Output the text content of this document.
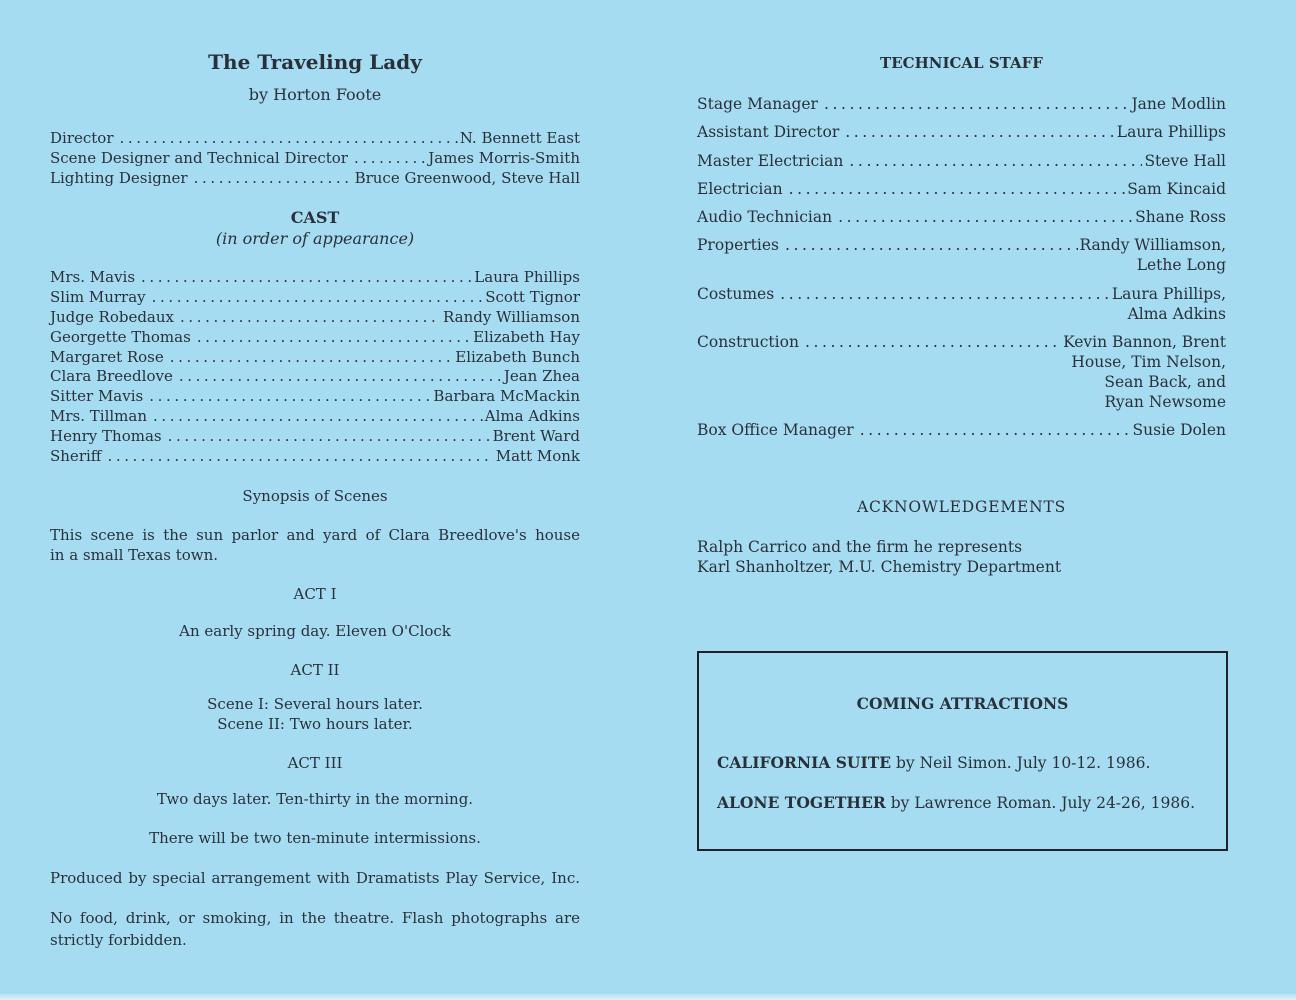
The Traveling Lady
by Horton Foote
Director .....	N. Bennett East
Scene Designer and Technical Director .....	James Morris-Smith
Lighting Designer .....	Bruce Greenwood, Steve Hall
CAST
(in order of appearance)
Mrs. Mavis .....	Laura Phillips
Slim Murray .....	Scott Tignor
Judge Robedaux .....	Randy Williamson
Georgette Thomas .....	Elizabeth Hay
Margaret Rose .....	Elizabeth Bunch
Clara Breedlove .....	Jean Zhea
Sitter Mavis .....	Barbara McMackin
Mrs. Tillman .....	Alma Adkins
Henry Thomas .....	Brent Ward
Sheriff .....	Matt Monk
Synopsis of Scenes
This scene is the sun parlor and yard of Clara Breedlove's house
in a small Texas town.
ACT I
An early spring day. Eleven O'Clock
ACT II
Scene I: Several hours later.
Scene II: Two hours later.
ACT III
Two days later. Ten-thirty in the morning.
There will be two ten-minute intermissions.
Produced by special arrangement with Dramatists Play Service, Inc.
No food, drink, or smoking, in the theatre. Flash photographs are
strictly forbidden.
TECHNICAL STAFF
Stage Manager .....	Jane Modlin
Assistant Director .....	Laura Phillips
Master Electrician .....	Steve Hall
Electrician .....	Sam Kincaid
Audio Technician .....	Shane Ross
Properties .....	Randy Williamson,
Lethe Long
Costumes .....	Laura Phillips,
Alma Adkins
Construction .....	Kevin Bannon, Brent
House, Tim Nelson,
Sean Back, and
Ryan Newsome
Box Office Manager .....	Susie Dolen
ACKNOWLEDGEMENTS
Ralph Carrico and the firm he represents
Karl Shanholtzer, M.U. Chemistry Department
COMING ATTRACTIONS
CALIFORNIA SUITE by Neil Simon. July 10-12. 1986.
ALONE TOGETHER by Lawrence Roman. July 24-26, 1986.
